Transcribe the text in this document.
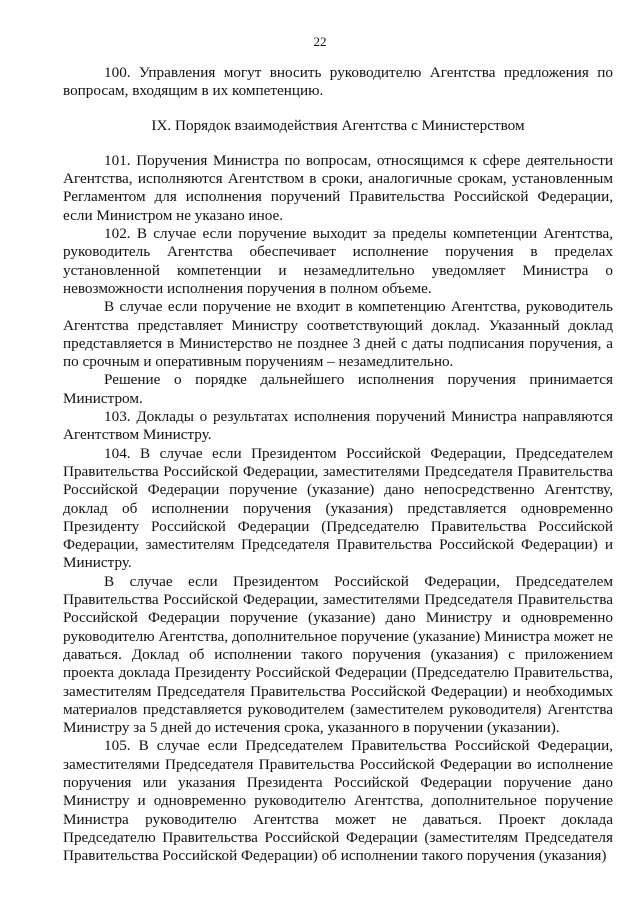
22

100. Управления могут вносить руководителю Агентства предложения по вопросам, входящим в их компетенцию.

IX. Порядок взаимодействия Агентства с Министерством

101. Поручения Министра по вопросам, относящимся к сфере деятельности Агентства, исполняются Агентством в сроки, аналогичные срокам, установленным Регламентом для исполнения поручений Правительства Российской Федерации, если Министром не указано иное.

102. В случае если поручение выходит за пределы компетенции Агентства, руководитель Агентства обеспечивает исполнение поручения в пределах установленной компетенции и незамедлительно уведомляет Министра о невозможности исполнения поручения в полном объеме.

В случае если поручение не входит в компетенцию Агентства, руководитель Агентства представляет Министру соответствующий доклад. Указанный доклад представляется в Министерство не позднее 3 дней с даты подписания поручения, а по срочным и оперативным поручениям – незамедлительно.

Решение о порядке дальнейшего исполнения поручения принимается Министром.

103. Доклады о результатах исполнения поручений Министра направляются Агентством Министру.

104. В случае если Президентом Российской Федерации, Председателем Правительства Российской Федерации, заместителями Председателя Правительства Российской Федерации поручение (указание) дано непосредственно Агентству, доклад об исполнении поручения (указания) представляется одновременно Президенту Российской Федерации (Председателю Правительства Российской Федерации, заместителям Председателя Правительства Российской Федерации) и Министру.

В случае если Президентом Российской Федерации, Председателем Правительства Российской Федерации, заместителями Председателя Правительства Российской Федерации поручение (указание) дано Министру и одновременно руководителю Агентства, дополнительное поручение (указание) Министра может не даваться. Доклад об исполнении такого поручения (указания) с приложением проекта доклада Президенту Российской Федерации (Председателю Правительства, заместителям Председателя Правительства Российской Федерации) и необходимых материалов представляется руководителем (заместителем руководителя) Агентства Министру за 5 дней до истечения срока, указанного в поручении (указании).

105. В случае если Председателем Правительства Российской Федерации, заместителями Председателя Правительства Российской Федерации во исполнение поручения или указания Президента Российской Федерации поручение дано Министру и одновременно руководителю Агентства, дополнительное поручение Министра руководителю Агентства может не даваться. Проект доклада Председателю Правительства Российской Федерации (заместителям Председателя Правительства Российской Федерации) об исполнении такого поручения (указания)
